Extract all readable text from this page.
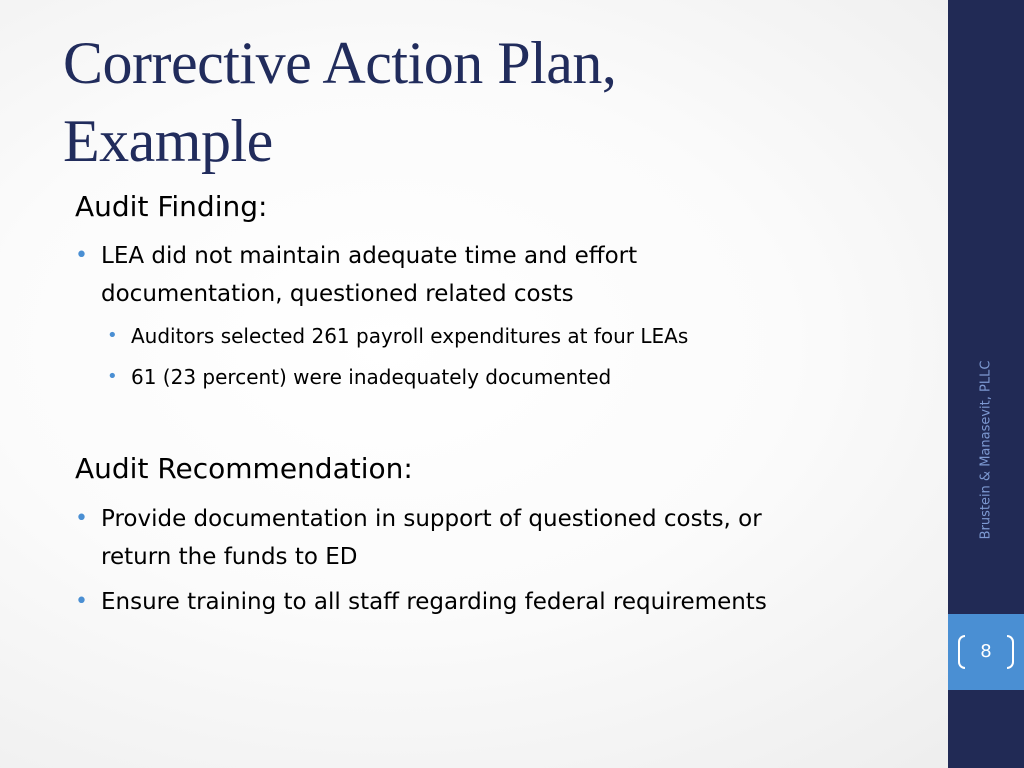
Corrective Action Plan,
Example
Audit Finding:
• LEA did not maintain adequate time and effort
documentation, questioned related costs
• Auditors selected 261 payroll expenditures at four LEAs
• 61 (23 percent) were inadequately documented
Audit Recommendation:
• Provide documentation in support of questioned costs, or
return the funds to ED
• Ensure training to all staff regarding federal requirements
Brustein & Manasevit, PLLC
8
